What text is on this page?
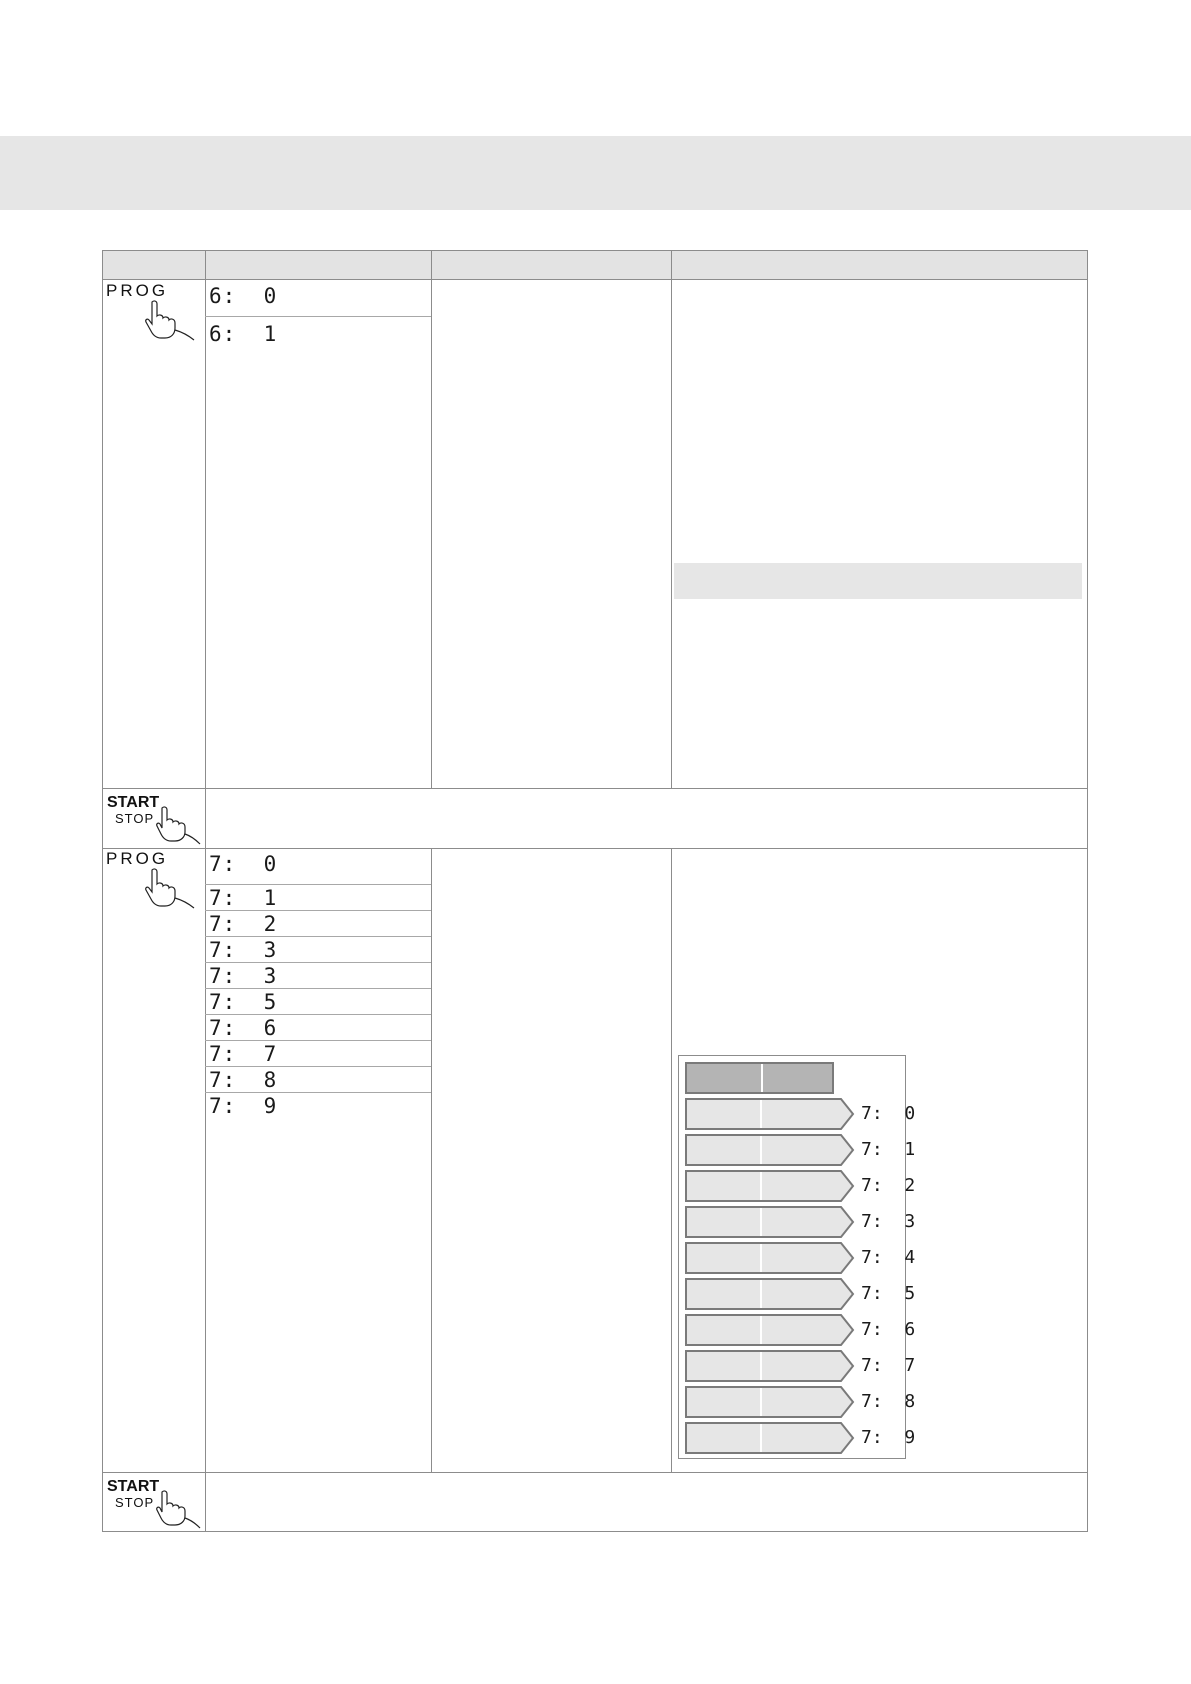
PROG 6:  0
6:  1
START
STOP
PROG 7:  0
7:  1
7:  2
7:  3
7:  3
7:  5
7:  6
7:  7
7:  8
7:  9
START
STOP
7:  0
7:  1
7:  2
7:  3
7:  4
7:  5
7:  6
7:  7
7:  8
7:  9
